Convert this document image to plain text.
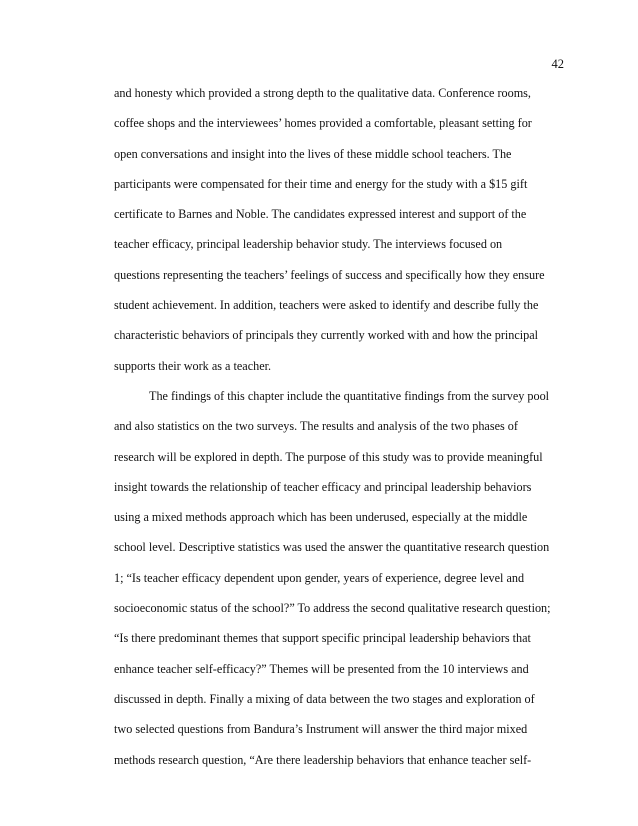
42
and honesty which provided a strong depth to the qualitative data. Conference rooms,
coffee shops and the interviewees’ homes provided a comfortable, pleasant setting for
open conversations and insight into the lives of these middle school teachers. The
participants were compensated for their time and energy for the study with a $15 gift
certificate to Barnes and Noble. The candidates expressed interest and support of the
teacher efficacy, principal leadership behavior study. The interviews focused on
questions representing the teachers’ feelings of success and specifically how they ensure
student achievement. In addition, teachers were asked to identify and describe fully the
characteristic behaviors of principals they currently worked with and how the principal
supports their work as a teacher.
The findings of this chapter include the quantitative findings from the survey pool
and also statistics on the two surveys. The results and analysis of the two phases of
research will be explored in depth. The purpose of this study was to provide meaningful
insight towards the relationship of teacher efficacy and principal leadership behaviors
using a mixed methods approach which has been underused, especially at the middle
school level. Descriptive statistics was used the answer the quantitative research question
1; “Is teacher efficacy dependent upon gender, years of experience, degree level and
socioeconomic status of the school?” To address the second qualitative research question;
“Is there predominant themes that support specific principal leadership behaviors that
enhance teacher self-efficacy?” Themes will be presented from the 10 interviews and
discussed in depth. Finally a mixing of data between the two stages and exploration of
two selected questions from Bandura’s Instrument will answer the third major mixed
methods research question, “Are there leadership behaviors that enhance teacher self-
